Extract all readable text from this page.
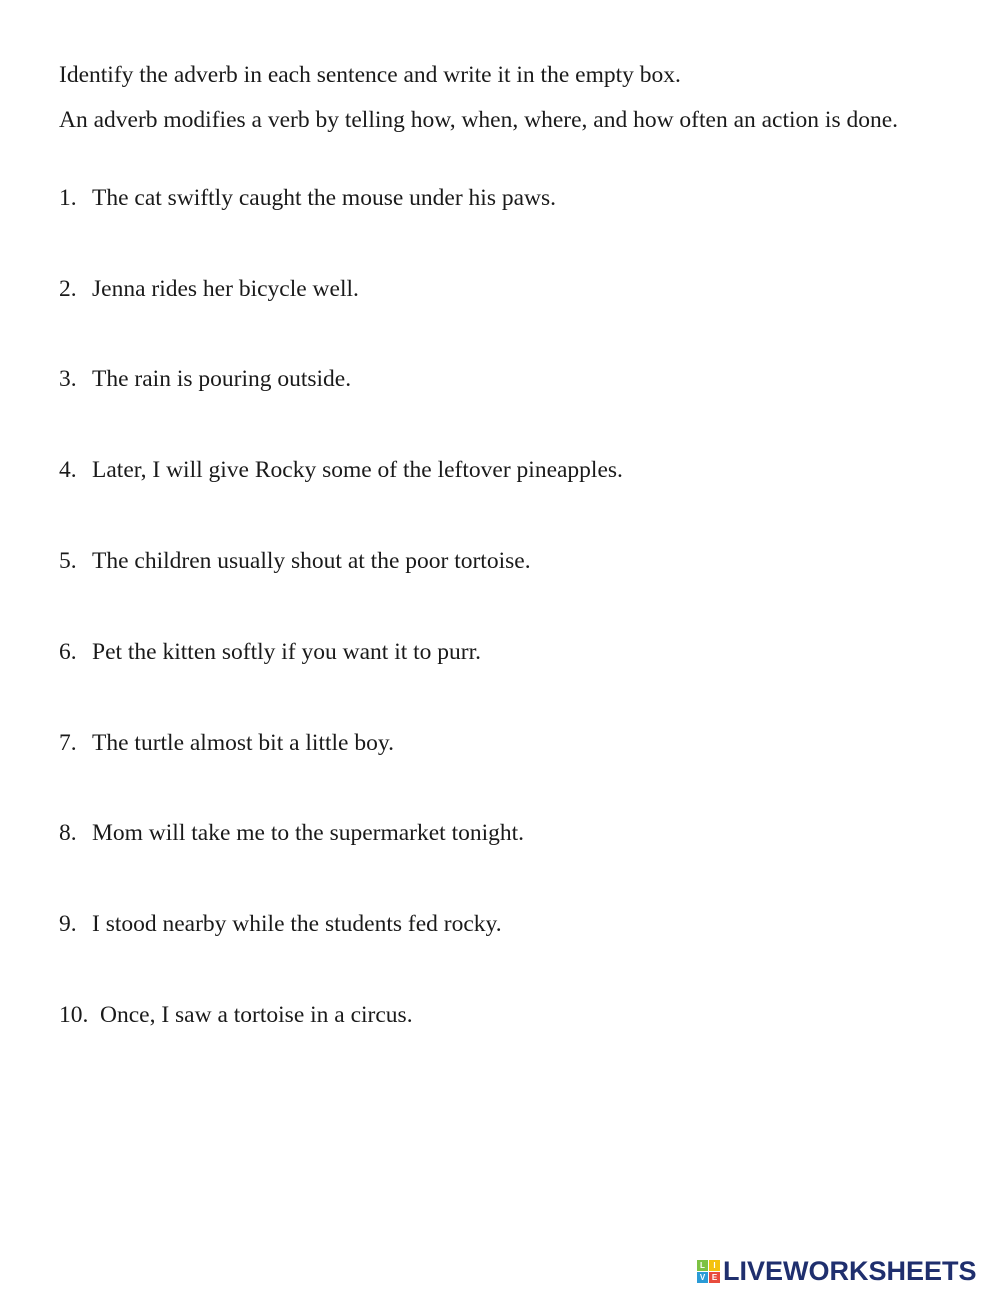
Identify the adverb in each sentence and write it in the empty box.

An adverb modifies a verb by telling how, when, where, and how often an action is done.

1. The cat swiftly caught the mouse under his paws.

2. Jenna rides her bicycle well.

3. The rain is pouring outside.

4. Later, I will give Rocky some of the leftover pineapples.

5. The children usually shout at the poor tortoise.

6. Pet the kitten softly if you want it to purr.

7. The turtle almost bit a little boy.

8. Mom will take me to the supermarket tonight.

9. I stood nearby while the students fed rocky.

10. Once, I saw a tortoise in a circus.

L	I
V E LIVEWORKSHEETS
